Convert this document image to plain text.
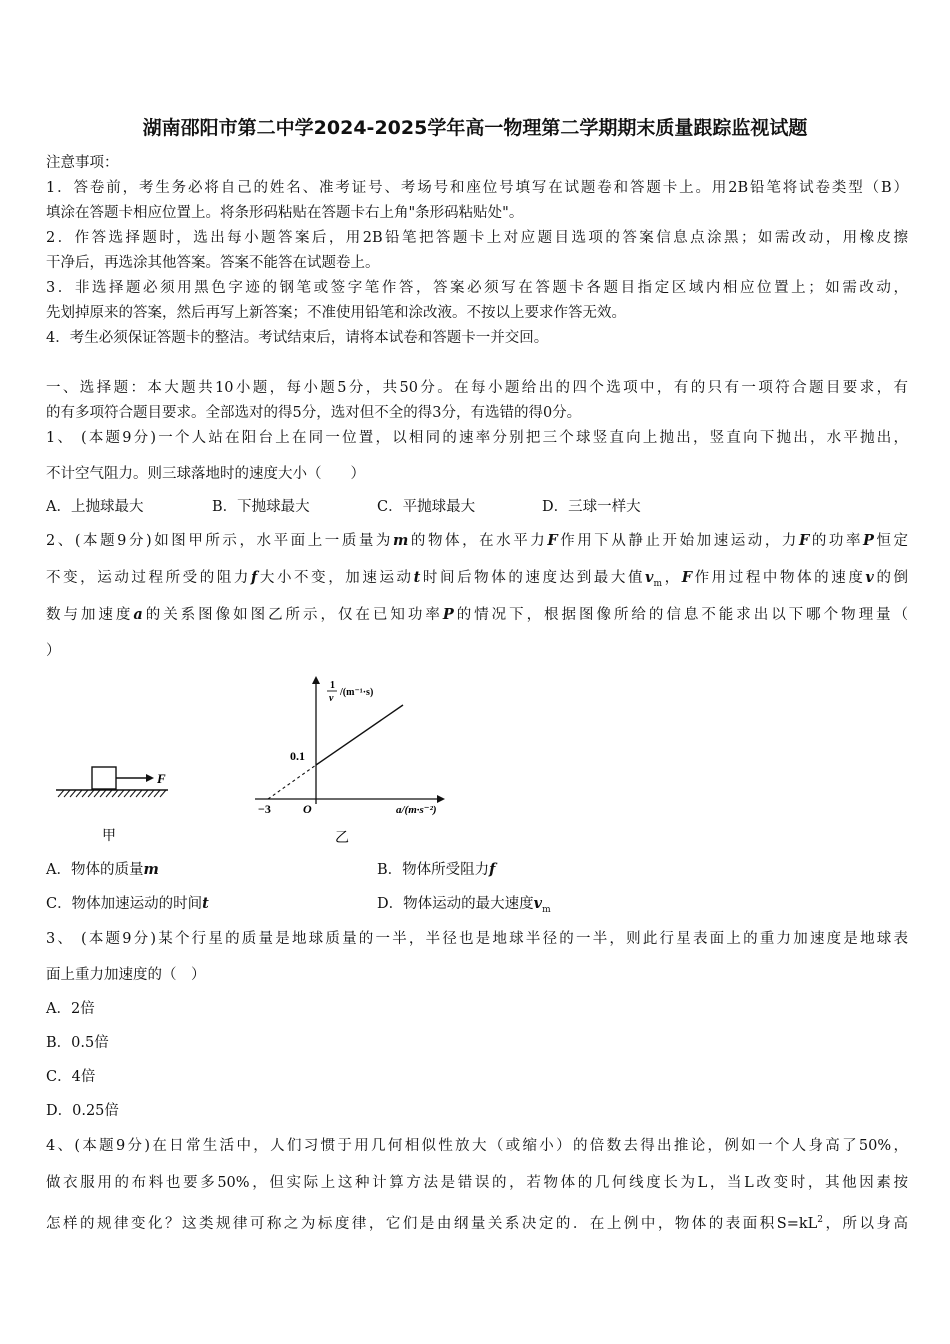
湖南邵阳市第二中学2024-2025学年高一物理第二学期期末质量跟踪监视试题
注意事项：
1．答卷前，考生务必将自己的姓名、准考证号、考场号和座位号填写在试题卷和答题卡上。用2B铅笔将试卷类型（B）
填涂在答题卡相应位置上。将条形码粘贴在答题卡右上角"条形码粘贴处"。
2．作答选择题时，选出每小题答案后，用2B铅笔把答题卡上对应题目选项的答案信息点涂黑；如需改动，用橡皮擦
干净后，再选涂其他答案。答案不能答在试题卷上。
3．非选择题必须用黑色字迹的钢笔或签字笔作答，答案必须写在答题卡各题目指定区域内相应位置上；如需改动，
先划掉原来的答案，然后再写上新答案；不准使用铅笔和涂改液。不按以上要求作答无效。
4．考生必须保证答题卡的整洁。考试结束后，请将本试卷和答题卡一并交回。
一、选择题：本大题共10小题，每小题5分，共50分。在每小题给出的四个选项中，有的只有一项符合题目要求，有
的有多项符合题目要求。全部选对的得5分，选对但不全的得3分，有选错的得0分。
1、 (本题9分)一个人站在阳台上在同一位置，以相同的速率分别把三个球竖直向上抛出，竖直向下抛出，水平抛出，
不计空气阻力。则三球落地时的速度大小（　　）
A．上抛球最大	B．下抛球最大	C．平抛球最大	D．三球一样大
2、(本题9分)如图甲所示，水平面上一质量为m的物体，在水平力F作用下从静止开始加速运动，力F的功率P恒定
不变，运动过程所受的阻力f大小不变，加速运动t时间后物体的速度达到最大值$v_m$，F作用过程中物体的速度v的倒
数与加速度a的关系图像如图乙所示，仅在已知功率P的情况下，根据图像所给的信息不能求出以下哪个物理量（
）
F
甲
1
v
/(m⁻¹·s)
0.1
−3	O	a/(m·s⁻²)
乙
A．物体的质量m	B．物体所受阻力f
C．物体加速运动的时间t	D．物体运动的最大速度$v_m$
3、 (本题9分)某个行星的质量是地球质量的一半，半径也是地球半径的一半，则此行星表面上的重力加速度是地球表
面上重力加速度的（　）
A．2倍
B．0.5倍
C．4倍
D．0.25倍
4、(本题9分)在日常生活中，人们习惯于用几何相似性放大（或缩小）的倍数去得出推论，例如一个人身高了50%，
做衣服用的布料也要多50%，但实际上这种计算方法是错误的，若物体的几何线度长为L，当L改变时，其他因素按
怎样的规律变化？这类规律可称之为标度律，它们是由纲量关系决定的．在上例中，物体的表面积$S=kL^2$，所以身高
